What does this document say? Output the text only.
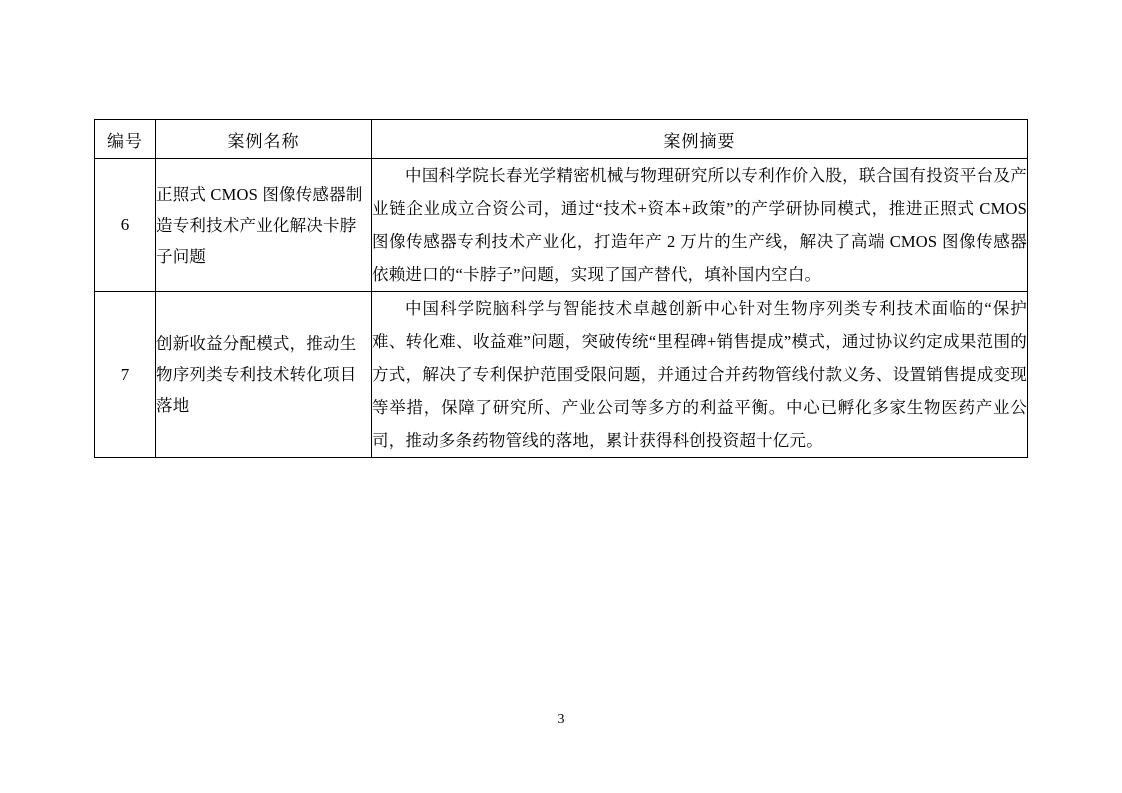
编号	案例名称	案例摘要
6	正照式 CMOS 图像传感器制造专利技术产业化解决卡脖子问题	中国科学院长春光学精密机械与物理研究所以专利作价入股，联合国有投资平台及产业链企业成立合资公司，通过“技术+资本+政策”的产学研协同模式，推进正照式 CMOS 图像传感器专利技术产业化，打造年产 2 万片的生产线，解决了高端 CMOS 图像传感器依赖进口的“卡脖子”问题，实现了国产替代，填补国内空白。

7	创新收益分配模式，推动生物序列类专利技术转化项目落地	中国科学院脑科学与智能技术卓越创新中心针对生物序列类专利技术面临的“保护难、转化难、收益难”问题，突破传统“里程碑+销售提成”模式，通过协议约定成果范围的方式，解决了专利保护范围受限问题，并通过合并药物管线付款义务、设置销售提成变现等举措，保障了研究所、产业公司等多方的利益平衡。中心已孵化多家生物医药产业公司，推动多条药物管线的落地，累计获得科创投资超十亿元。

3
